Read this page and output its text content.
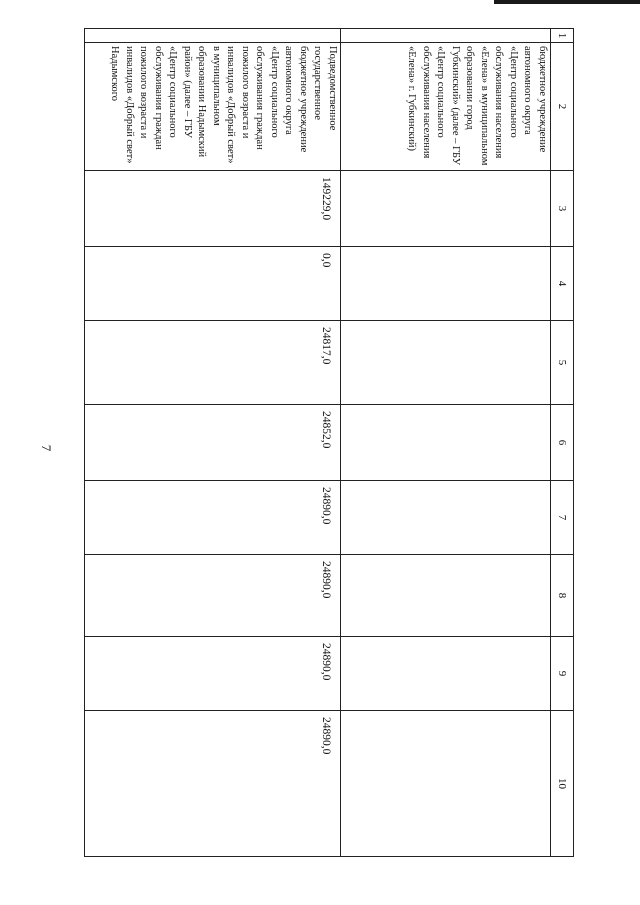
7
1	2	3	4	5	6	7	8	9	10
	бюджетное учреждение автономного округа «Центр социального обслуживания населения «Елена» в муниципальном образовании город Губкинский» (далее – ГБУ «Центр социального обслуживания населения «Елена» г. Губкинский)								
	Подведомственное государственное бюджетное учреждение автономного округа «Центр социального обслуживания граждан пожилого возраста и инвалидов «Добрый свет» в муниципальном образовании Надымский район» (далее – ГБУ «Центр социального обслуживания граждан пожилого возраста и инвалидов «Добрый свет» Надымского	149229,0	0,0	24817,0	24852,0	24890,0	24890,0	24890,0	24890,0
